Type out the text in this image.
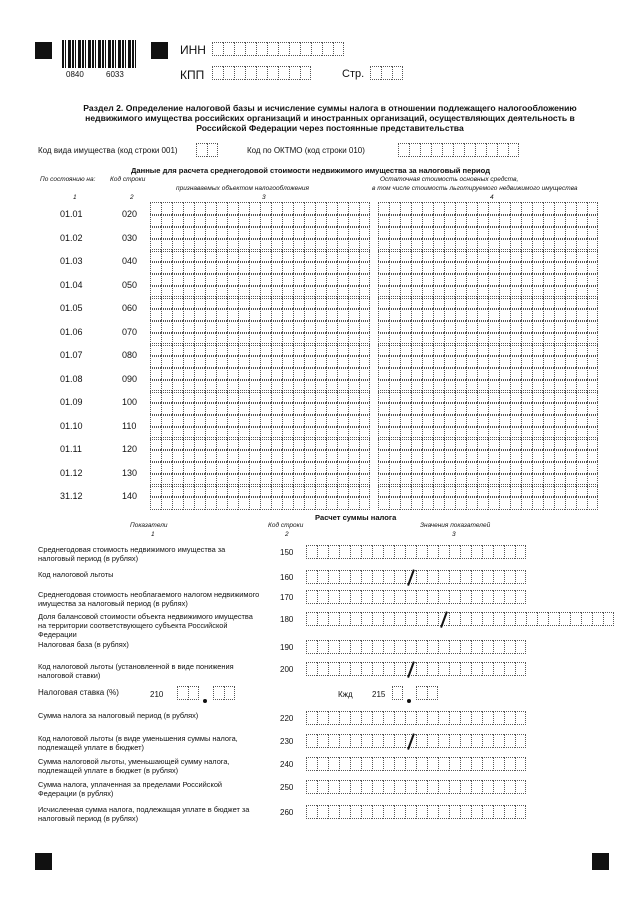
0840	6033
ИНН
КПП	Стр.
Раздел 2. Определение налоговой базы и исчисление суммы налога в отношении подлежащего налогообложению
недвижимого имущества российских организаций и иностранных организаций, осуществляющих деятельность в
Российской Федерации через постоянные представительства
Код вида имущества (код строки 001)	Код по ОКТМО (код строки 010)
Данные для расчета среднегодовой стоимости недвижимого имущества за налоговый период
По состоянию на: Код строки	Остаточная стоимость основных средств,
признаваемых объектом налогообложения	в том числе стоимость льготируемого недвижимого имущества
1	2	3	4
01.01	020
01.02	030
01.03	040
01.04	050
01.05	060
01.06	070
01.07	080
01.08	090
01.09	100
01.10	110
01.11	120
01.12	130
31.12	140
Расчет суммы налога
Показатели	Код строки	Значения показателей
1	2	3
Среднегодовая стоимость недвижимого имущества за налоговый период (в рублях)
150
Код налоговой льготы	160
Среднегодовая стоимость необлагаемого налогом недвижимого имущества за налоговый период (в рублях)
170
Доля балансовой стоимости объекта недвижимого имущества на территории соответствующего субъекта Российской Федерации
180
Налоговая база (в рублях)	190
Код налоговой льготы (установленной в виде понижения налоговой ставки)
200
Сумма налога за налоговый период (в рублях)	220
Код налоговой льготы (в виде уменьшения суммы налога, подлежащей уплате в бюджет)
230
Сумма налоговой льготы, уменьшающей сумму налога, подлежащей уплате в бюджет (в рублях)
240
Сумма налога, уплаченная за пределами Российской Федерации (в рублях)
250
Исчисленная сумма налога, подлежащая уплате в бюджет за налоговый период (в рублях)
260
Налоговая ставка (%)	210	Кжд 215
